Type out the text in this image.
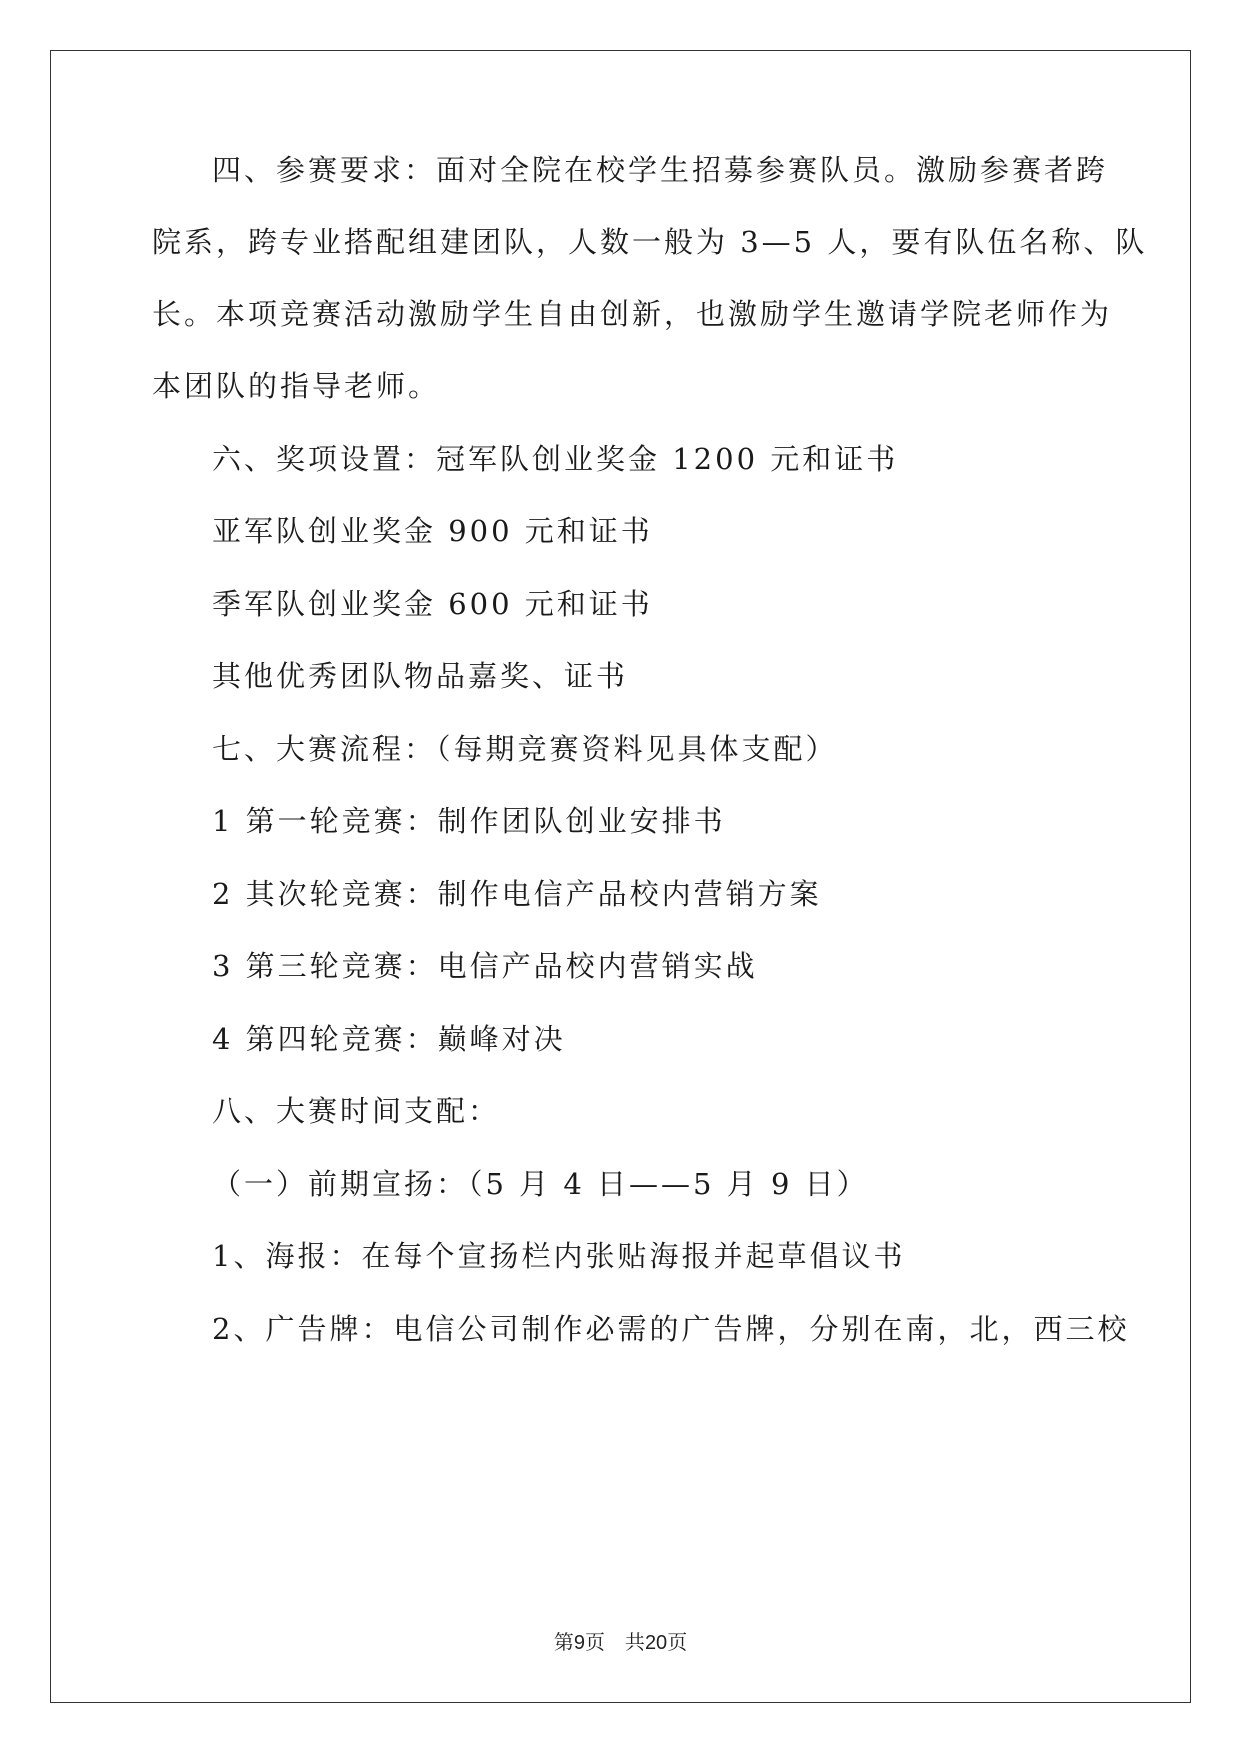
四、参赛要求：面对全院在校学生招募参赛队员。激励参赛者跨
院系，跨专业搭配组建团队，人数一般为 3—5 人，要有队伍名称、队
长。本项竞赛活动激励学生自由创新，也激励学生邀请学院老师作为
本团队的指导老师。
六、奖项设置：冠军队创业奖金 1200 元和证书
亚军队创业奖金 900 元和证书
季军队创业奖金 600 元和证书
其他优秀团队物品嘉奖、证书
七、大赛流程：（每期竞赛资料见具体支配）
1 第一轮竞赛：制作团队创业安排书
2 其次轮竞赛：制作电信产品校内营销方案
3 第三轮竞赛：电信产品校内营销实战
4 第四轮竞赛：巅峰对决
八、大赛时间支配：
（一）前期宣扬：（5 月 4 日——5 月 9 日）
1、海报：在每个宣扬栏内张贴海报并起草倡议书
2、广告牌：电信公司制作必需的广告牌，分别在南，北，西三校
第9页　共20页
